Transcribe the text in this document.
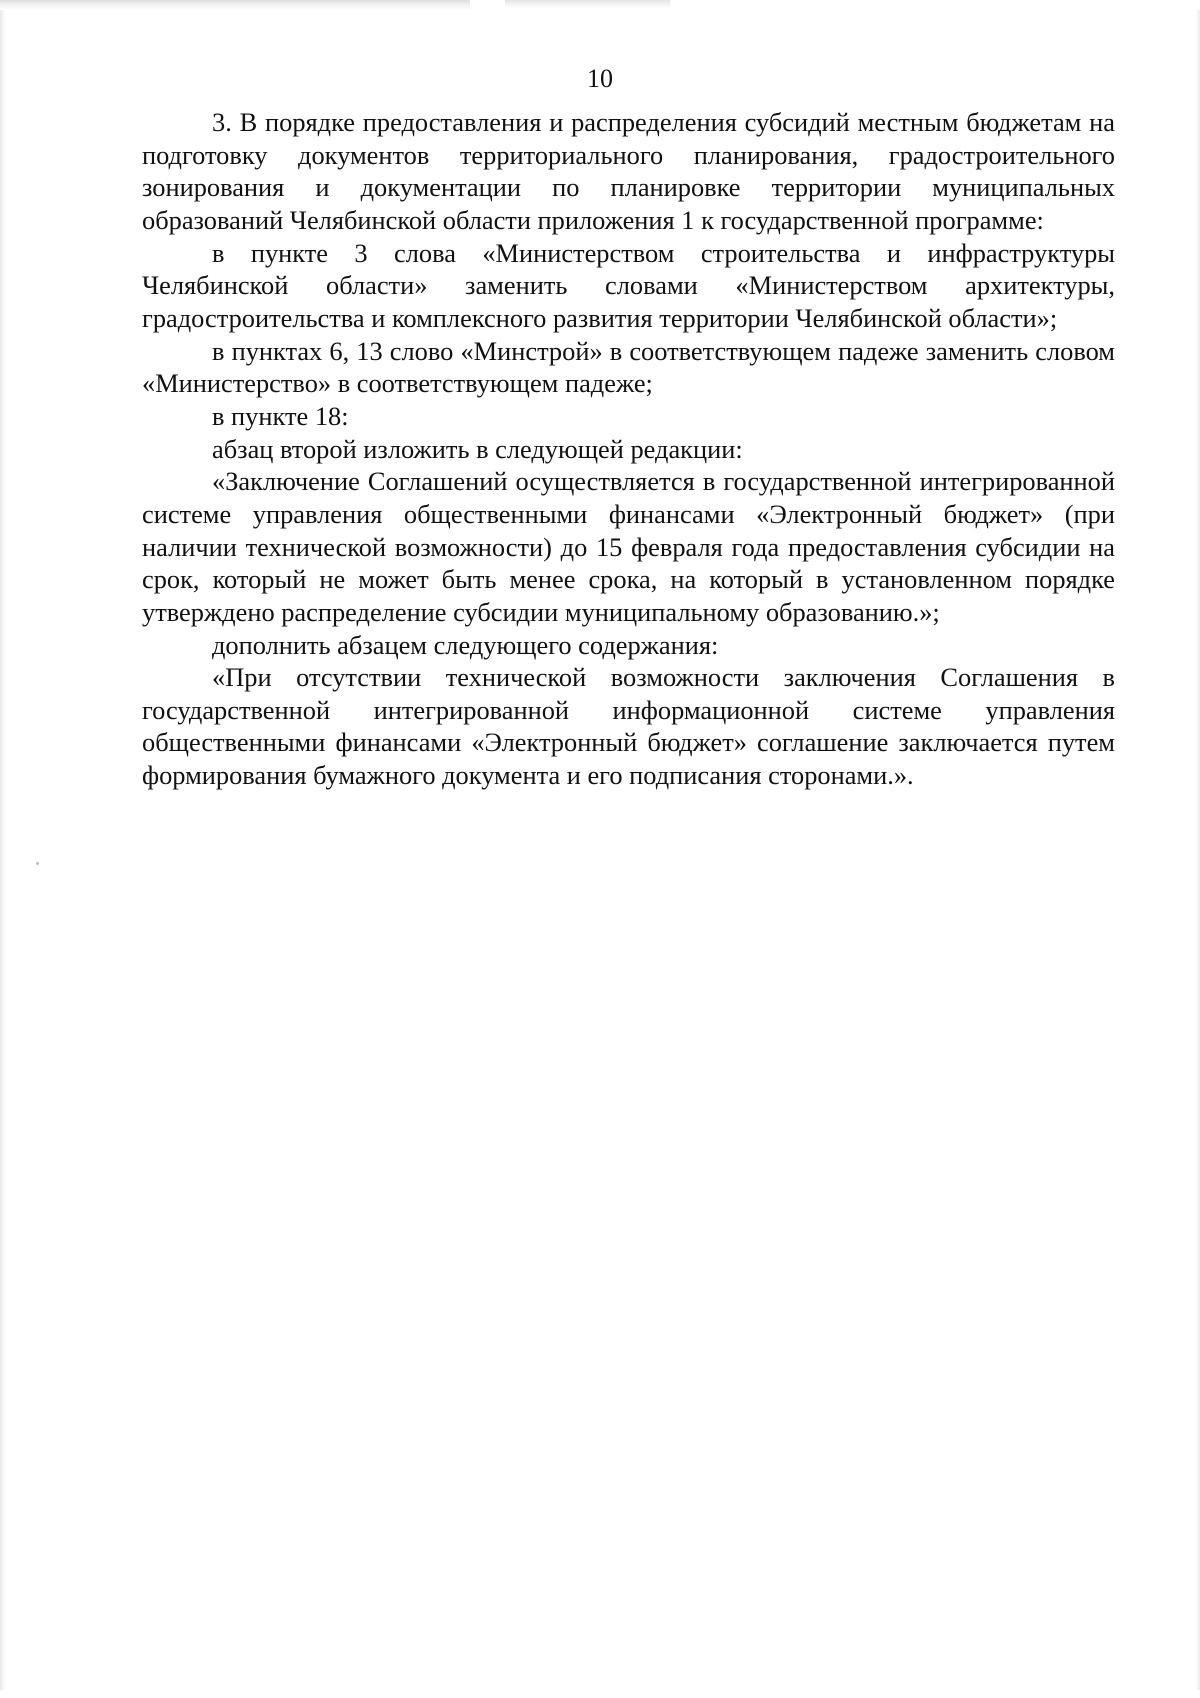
10

3. В порядке предоставления и распределения субсидий местным бюджетам на подготовку документов территориального планирования, градостроительного зонирования и документации по планировке территории муниципальных образований Челябинской области приложения 1 к государственной программе:

в пункте 3 слова «Министерством строительства и инфраструктуры Челябинской области» заменить словами «Министерством архитектуры, градостроительства и комплексного развития территории Челябинской области»;

в пунктах 6, 13 слово «Минстрой» в соответствующем падеже заменить словом «Министерство» в соответствующем падеже;

в пункте 18:

абзац второй изложить в следующей редакции:

«Заключение Соглашений осуществляется в государственной интегрированной системе управления общественными финансами «Электронный бюджет» (при наличии технической возможности) до 15 февраля года предоставления субсидии на срок, который не может быть менее срока, на который в установленном порядке утверждено распределение субсидии муниципальному образованию.»;

дополнить абзацем следующего содержания:

«При отсутствии технической возможности заключения Соглашения в государственной интегрированной информационной системе управления общественными финансами «Электронный бюджет» соглашение заключается путем формирования бумажного документа и его подписания сторонами.».
